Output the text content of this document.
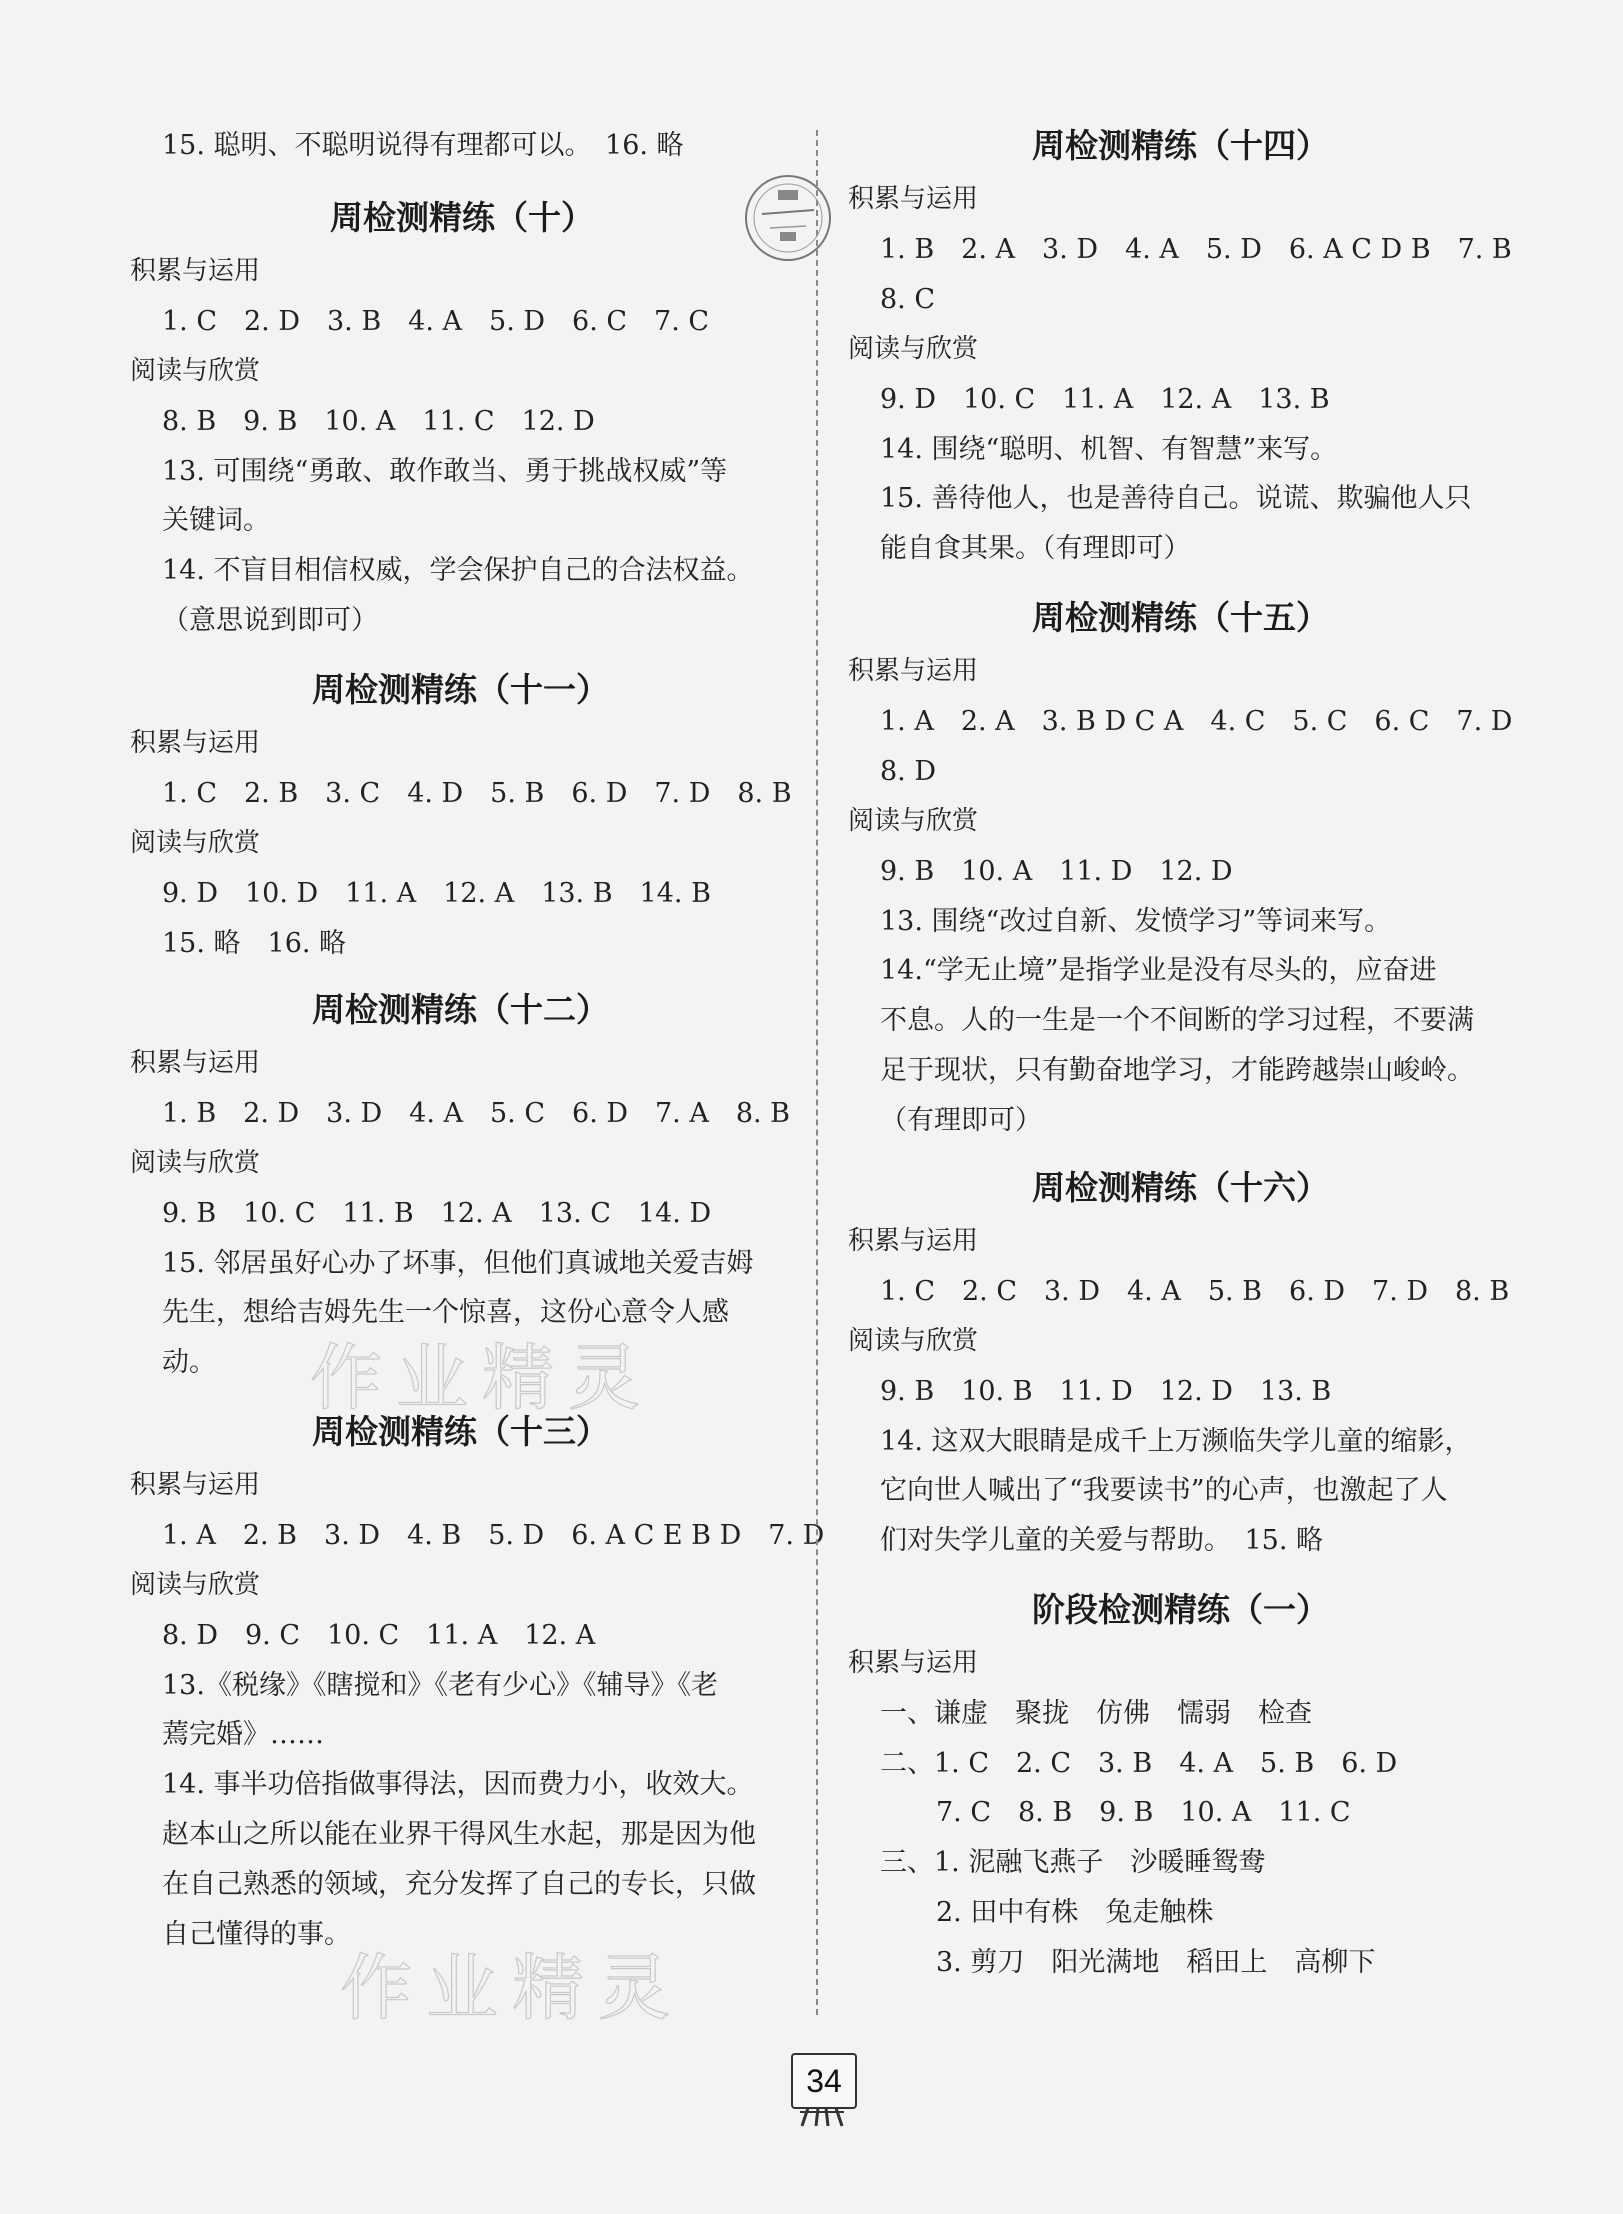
15. 聪明、不聪明说得有理都可以。　16. 略
周检测精练（十）
积累与运用
1. C　2. D　3. B　4. A　5. D　6. C　7. C
阅读与欣赏
8. B　9. B　10. A　11. C　12. D
13. 可围绕“勇敢、敢作敢当、勇于挑战权威”等
关键词。
14. 不盲目相信权威，学会保护自己的合法权益。
（意思说到即可）
周检测精练（十一）
积累与运用
1. C　2. B　3. C　4. D　5. B　6. D　7. D　8. B
阅读与欣赏
9. D　10. D　11. A　12. A　13. B　14. B
15. 略　16. 略
周检测精练（十二）
积累与运用
1. B　2. D　3. D　4. A　5. C　6. D　7. A　8. B
阅读与欣赏
9. B　10. C　11. B　12. A　13. C　14. D
15. 邻居虽好心办了坏事，但他们真诚地关爱吉姆
先生，想给吉姆先生一个惊喜，这份心意令人感
动。
周检测精练（十三）
积累与运用
1. A　2. B　3. D　4. B　5. D　6. A C E B D　7. D
阅读与欣赏
8. D　9. C　10. C　11. A　12. A
13.《税缘》《瞎搅和》《老有少心》《辅导》《老
蔫完婚》……
14. 事半功倍指做事得法，因而费力小，收效大。
赵本山之所以能在业界干得风生水起，那是因为他
在自己熟悉的领域，充分发挥了自己的专长，只做
自己懂得的事。
周检测精练（十四）
积累与运用
1. B　2. A　3. D　4. A　5. D　6. A C D B　7. B
8. C
阅读与欣赏
9. D　10. C　11. A　12. A　13. B
14. 围绕“聪明、机智、有智慧”来写。
15. 善待他人，也是善待自己。说谎、欺骗他人只
能自食其果。（有理即可）
周检测精练（十五）
积累与运用
1. A　2. A　3. B D C A　4. C　5. C　6. C　7. D
8. D
阅读与欣赏
9. B　10. A　11. D　12. D
13. 围绕“改过自新、发愤学习”等词来写。
14.“学无止境”是指学业是没有尽头的，应奋进
不息。人的一生是一个不间断的学习过程，不要满
足于现状，只有勤奋地学习，才能跨越崇山峻岭。
（有理即可）
周检测精练（十六）
积累与运用
1. C　2. C　3. D　4. A　5. B　6. D　7. D　8. B
阅读与欣赏
9. B　10. B　11. D　12. D　13. B
14. 这双大眼睛是成千上万濒临失学儿童的缩影，
它向世人喊出了“我要读书”的心声，也激起了人
们对失学儿童的关爱与帮助。　15. 略
阶段检测精练（一）
积累与运用
一、谦虚　聚拢　仿佛　懦弱　检查
二、1. C　2. C　3. B　4. A　5. B　6. D
7. C　8. B　9. B　10. A　11. C
三、1. 泥融飞燕子　沙暖睡鸳鸯
2. 田中有株　兔走触株
3. 剪刀　阳光满地　稻田上　高柳下
作业精灵
作业精灵
34
